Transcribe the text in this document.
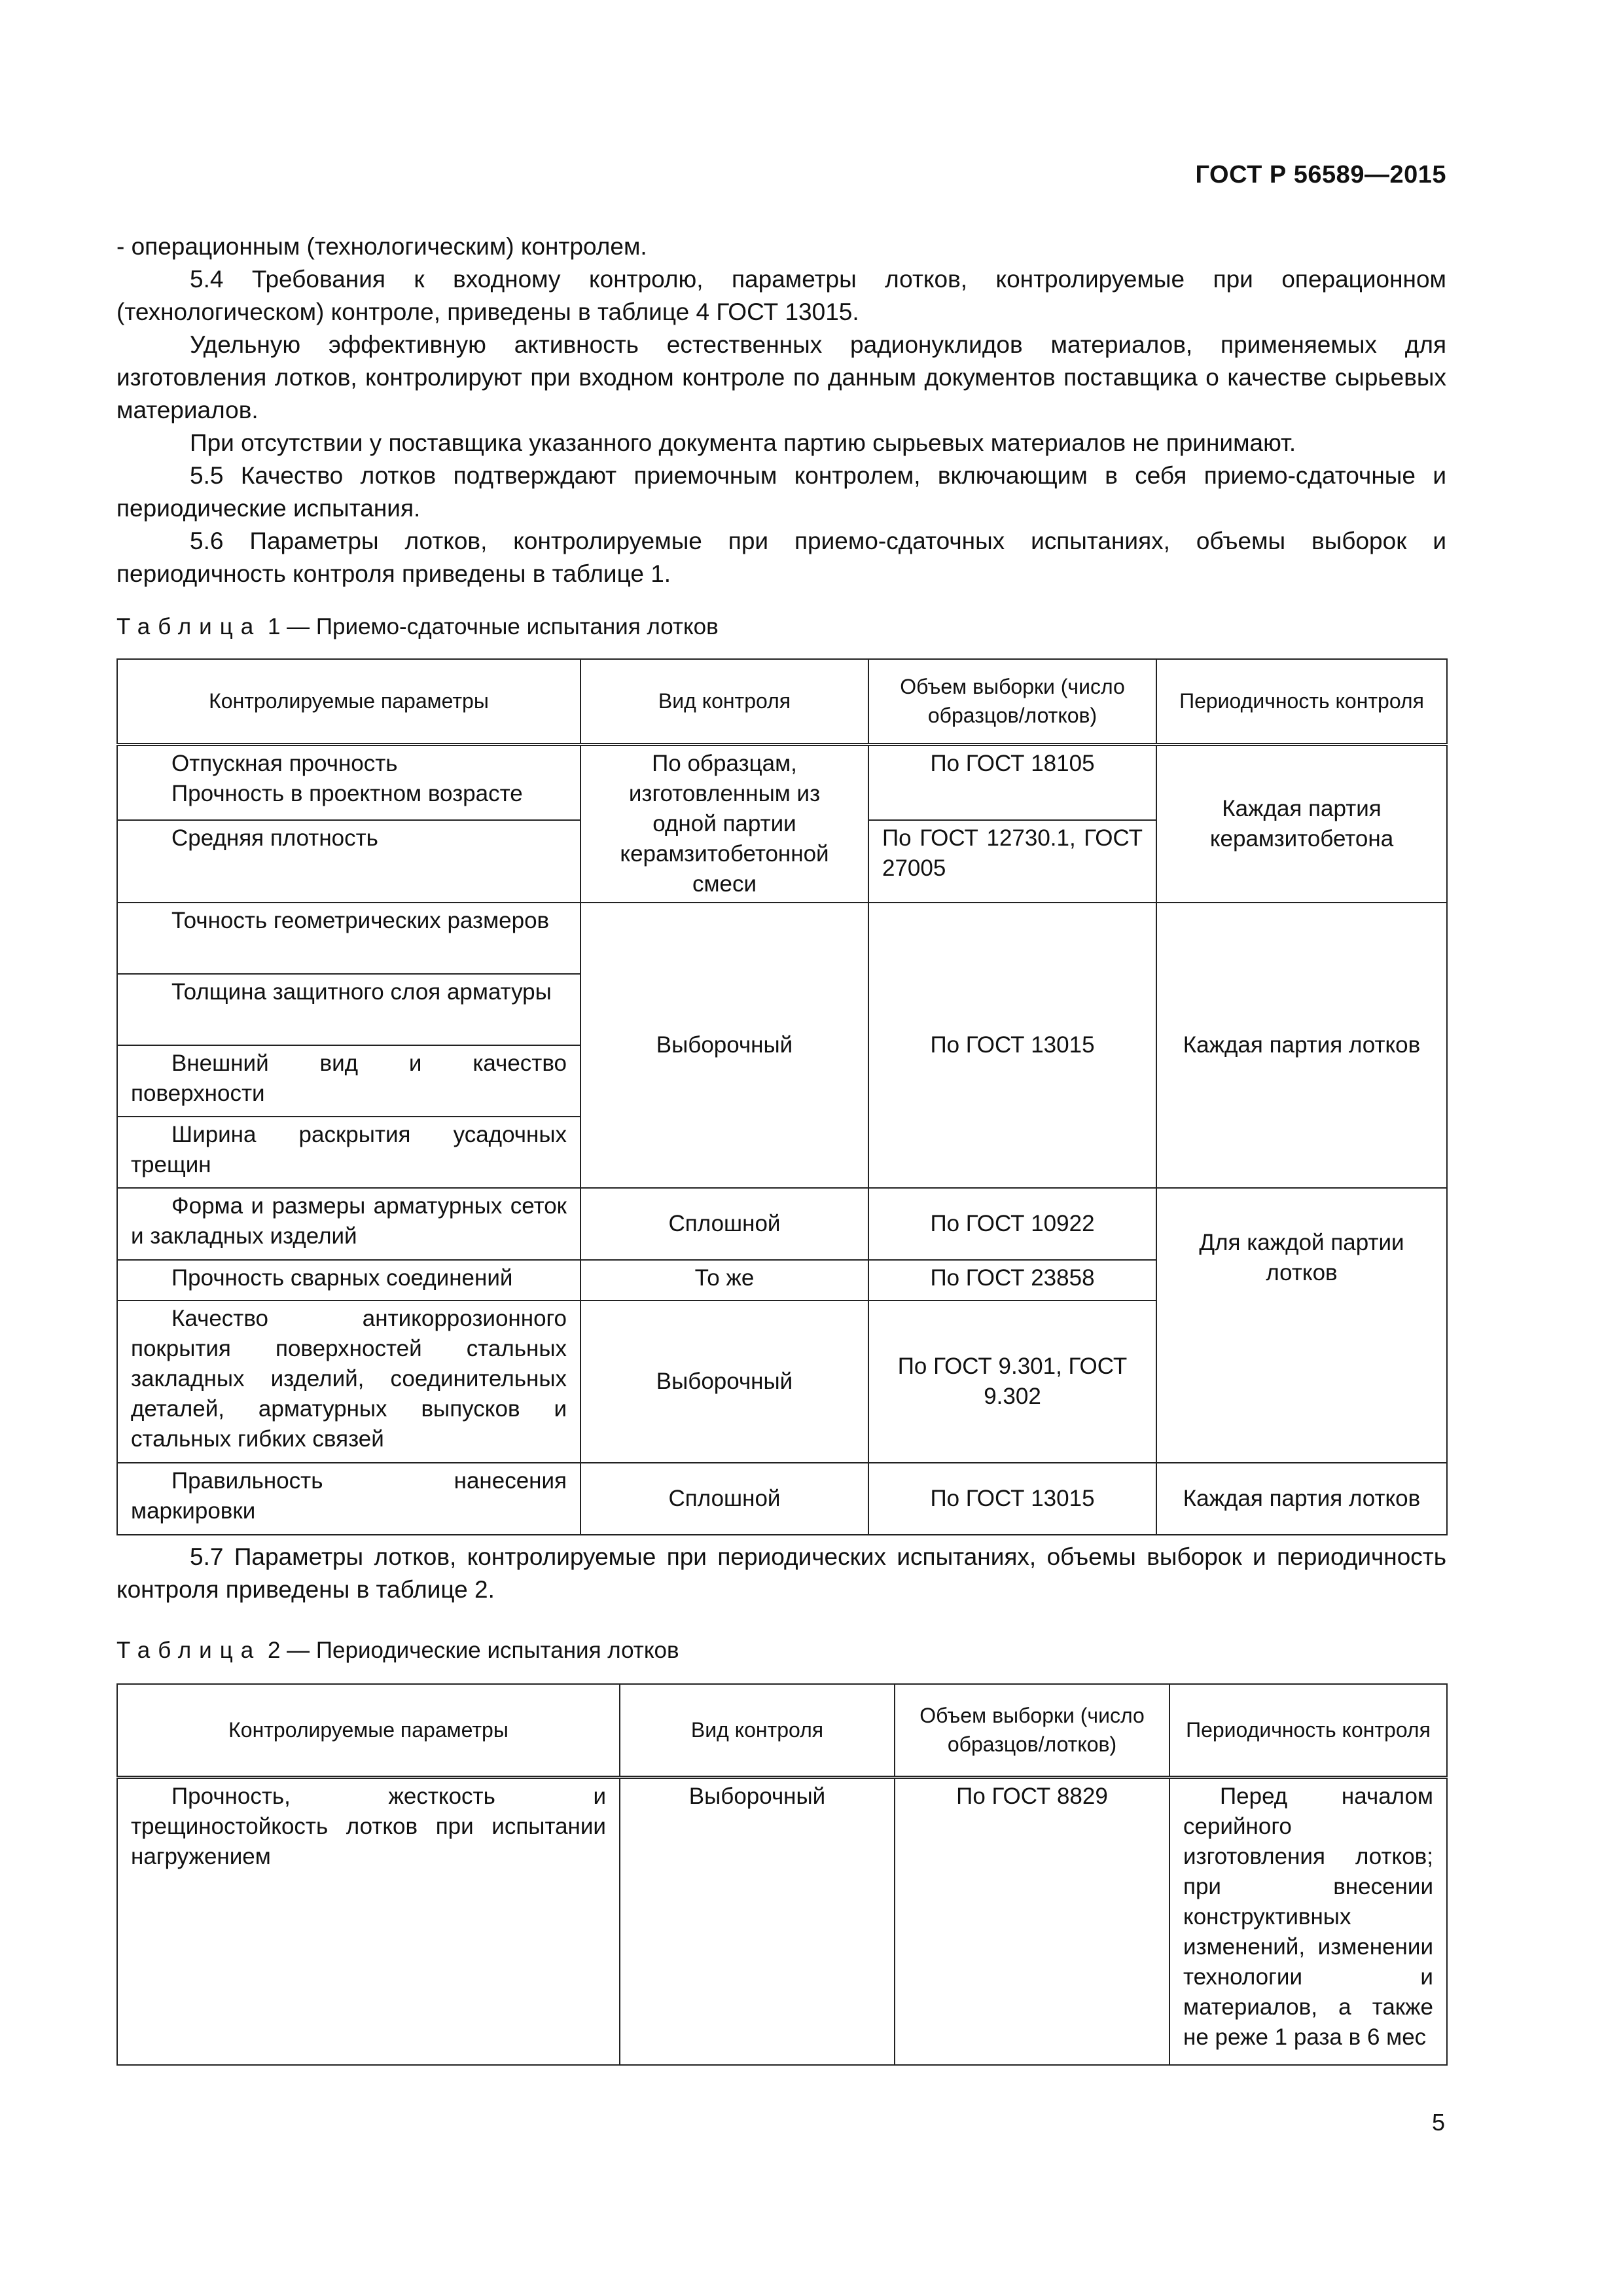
ГОСТ Р 56589—2015

- операционным (технологическим) контролем.

5.4 Требования к входному контролю, параметры лотков, контролируемые при операционном (технологическом) контроле, приведены в таблице 4 ГОСТ 13015.

Удельную эффективную активность естественных радионуклидов материалов, применяемых для изготовления лотков, контролируют при входном контроле по данным документов поставщика о качестве сырьевых материалов.

При отсутствии у поставщика указанного документа партию сырьевых материалов не принимают.

5.5 Качество лотков подтверждают приемочным контролем, включающим в себя приемо-сдаточные и периодические испытания.

5.6 Параметры лотков, контролируемые при приемо-сдаточных испытаниях, объемы выборок и периодичность контроля приведены в таблице 1.

Таблица 1 — Приемо-сдаточные испытания лотков
Контролируемые параметры	Вид контроля	Объем выборки (число образцов/лотков)	Периодичность контроля

Отпускная прочность
Прочность в проектном возрасте	По образцам, изготовленным из одной партии керамзитобетонной смеси	По ГОСТ 18105	Каждая партия керамзитобетона
Средняя плотность		По ГОСТ 12730.1, ГОСТ 27005	
Точность геометрических размеров	Выборочный	По ГОСТ 13015	Каждая партия лотков
Толщина защитного слоя арматуры			
Внешний вид и качество поверхности			
Ширина раскрытия усадочных трещин			
Форма и размеры арматурных сеток и закладных изделий	Сплошной	По ГОСТ 10922	Для каждой партии лотков
Прочность сварных соединений	То же	По ГОСТ 23858	
Качество антикоррозионного покрытия поверхностей стальных закладных изделий, соединительных деталей, арматурных выпусков и стальных гибких связей	Выборочный	По ГОСТ 9.301, ГОСТ 9.302	
Правильность нанесения маркировки	Сплошной	По ГОСТ 13015	Каждая партия лотков

5.7 Параметры лотков, контролируемые при периодических испытаниях, объемы выборок и периодичность контроля приведены в таблице 2.

Таблица 2 — Периодические испытания лотков
Контролируемые параметры	Вид контроля	Объем выборки (число образцов/лотков)	Периодичность контроля
Прочность, жесткость и трещиностойкость лотков при испытании нагружением	Выборочный	По ГОСТ 8829	Перед началом серийного изготовления лотков; при внесении конструктивных изменений, изменении технологии и материалов, а также не реже 1 раза в 6 мес
5
